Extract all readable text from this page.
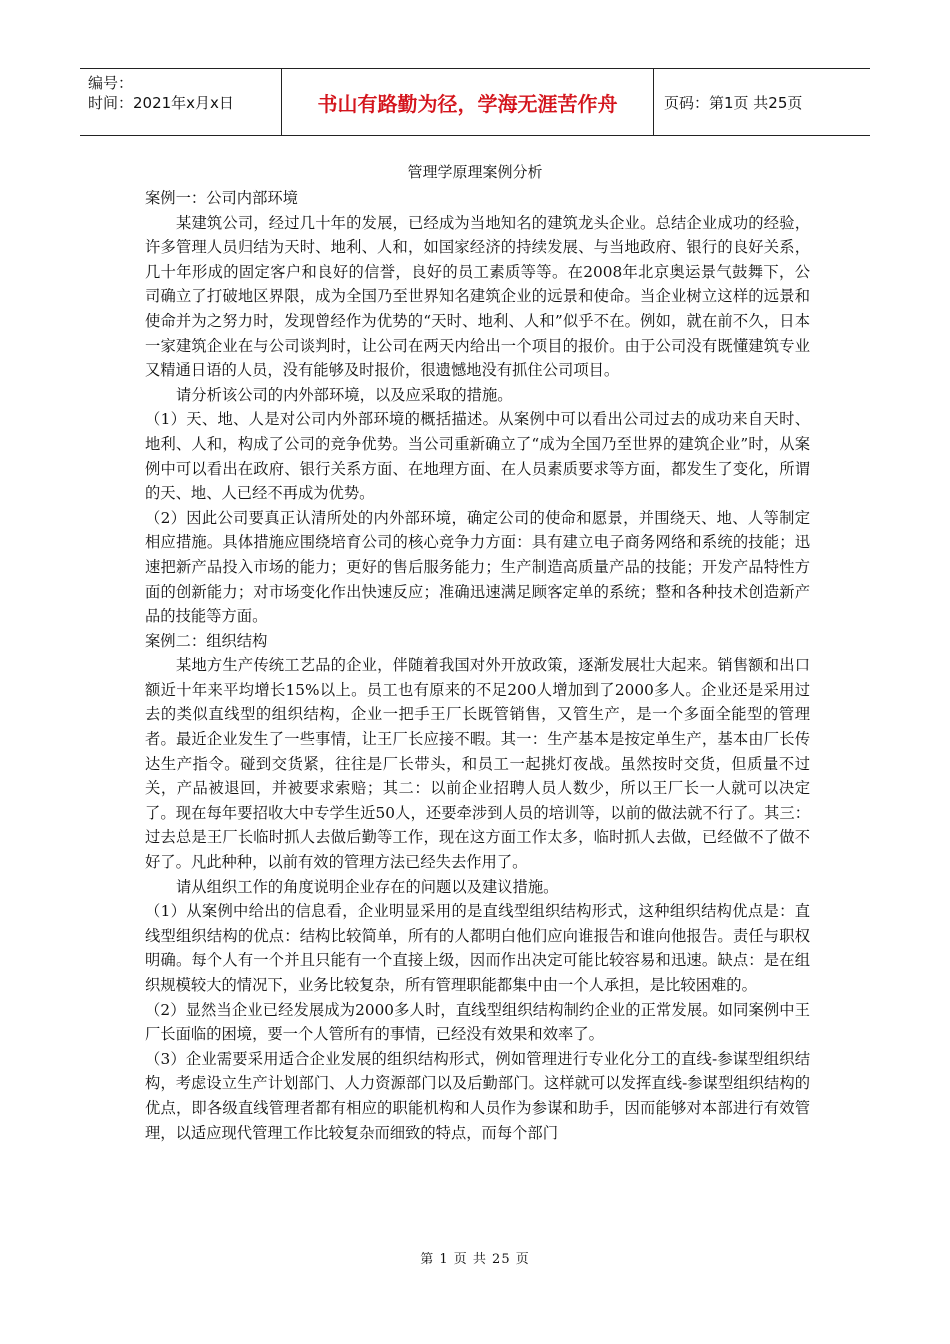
编号：
时间：2021年x月x日	书山有路勤为径，学海无涯苦作舟	页码：第1页 共25页
管理学原理案例分析

案例一：公司内部环境

某建筑公司，经过几十年的发展，已经成为当地知名的建筑龙头企业。总结企业成功的经验，许多管理人员归结为天时、地利、人和，如国家经济的持续发展、与当地政府、银行的良好关系，几十年形成的固定客户和良好的信誉，良好的员工素质等等。在2008年北京奥运景气鼓舞下，公司确立了打破地区界限，成为全国乃至世界知名建筑企业的远景和使命。当企业树立这样的远景和使命并为之努力时，发现曾经作为优势的“天时、地利、人和”似乎不在。例如，就在前不久，日本一家建筑企业在与公司谈判时，让公司在两天内给出一个项目的报价。由于公司没有既懂建筑专业又精通日语的人员，没有能够及时报价，很遗憾地没有抓住公司项目。

请分析该公司的内外部环境，以及应采取的措施。

（1）天、地、人是对公司内外部环境的概括描述。从案例中可以看出公司过去的成功来自天时、地利、人和，构成了公司的竞争优势。当公司重新确立了“成为全国乃至世界的建筑企业”时，从案例中可以看出在政府、银行关系方面、在地理方面、在人员素质要求等方面，都发生了变化，所谓的天、地、人已经不再成为优势。

（2）因此公司要真正认清所处的内外部环境，确定公司的使命和愿景，并围绕天、地、人等制定相应措施。具体措施应围绕培育公司的核心竞争力方面：具有建立电子商务网络和系统的技能；迅速把新产品投入市场的能力；更好的售后服务能力；生产制造高质量产品的技能；开发产品特性方面的创新能力；对市场变化作出快速反应；准确迅速满足顾客定单的系统；整和各种技术创造新产品的技能等方面。

案例二：组织结构

某地方生产传统工艺品的企业，伴随着我国对外开放政策，逐渐发展壮大起来。销售额和出口额近十年来平均增长15%以上。员工也有原来的不足200人增加到了2000多人。企业还是采用过去的类似直线型的组织结构，企业一把手王厂长既管销售，又管生产，是一个多面全能型的管理者。最近企业发生了一些事情，让王厂长应接不暇。其一：生产基本是按定单生产，基本由厂长传达生产指令。碰到交货紧，往往是厂长带头，和员工一起挑灯夜战。虽然按时交货，但质量不过关，产品被退回，并被要求索赔；其二：以前企业招聘人员人数少，所以王厂长一人就可以决定了。现在每年要招收大中专学生近50人，还要牵涉到人员的培训等，以前的做法就不行了。其三：过去总是王厂长临时抓人去做后勤等工作，现在这方面工作太多，临时抓人去做，已经做不了做不好了。凡此种种，以前有效的管理方法已经失去作用了。

请从组织工作的角度说明企业存在的问题以及建议措施。

（1）从案例中给出的信息看，企业明显采用的是直线型组织结构形式，这种组织结构优点是：直线型组织结构的优点：结构比较简单，所有的人都明白他们应向谁报告和谁向他报告。责任与职权明确。每个人有一个并且只能有一个直接上级，因而作出决定可能比较容易和迅速。缺点：是在组织规模较大的情况下，业务比较复杂，所有管理职能都集中由一个人承担，是比较困难的。

（2）显然当企业已经发展成为2000多人时，直线型组织结构制约企业的正常发展。如同案例中王厂长面临的困境，要一个人管所有的事情，已经没有效果和效率了。

（3）企业需要采用适合企业发展的组织结构形式，例如管理进行专业化分工的直线-参谋型组织结构，考虑设立生产计划部门、人力资源部门以及后勤部门。这样就可以发挥直线-参谋型组织结构的优点，即各级直线管理者都有相应的职能机构和人员作为参谋和助手，因而能够对本部进行有效管理，以适应现代管理工作比较复杂而细致的特点，而每个部门

第 1 页 共 25 页
